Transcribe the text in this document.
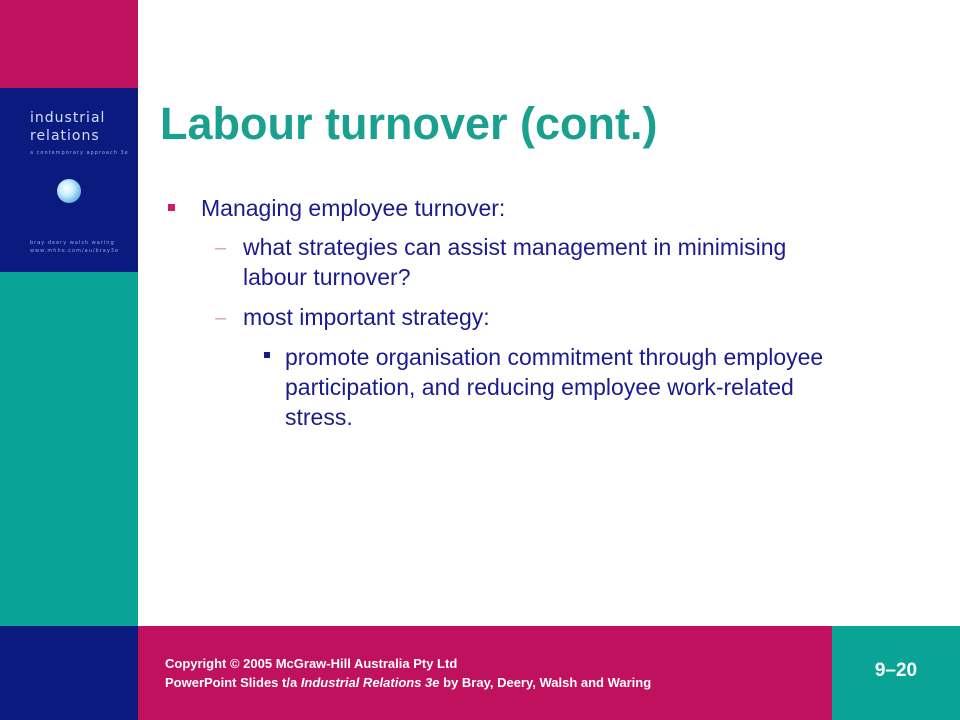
industrial
relations
a contemporary approach 3e
bray deery walsh waring
www.mhhe.com/au/bray3e
Labour turnover (cont.)
Managing employee turnover:
– what strategies can assist management in minimising
labour turnover?
– most important strategy:
promote organisation commitment through employee
participation, and reducing employee work-related
stress.
Copyright © 2005 McGraw-Hill Australia Pty Ltd
PowerPoint Slides t/a Industrial Relations 3e by Bray, Deery, Walsh and Waring
9–20
